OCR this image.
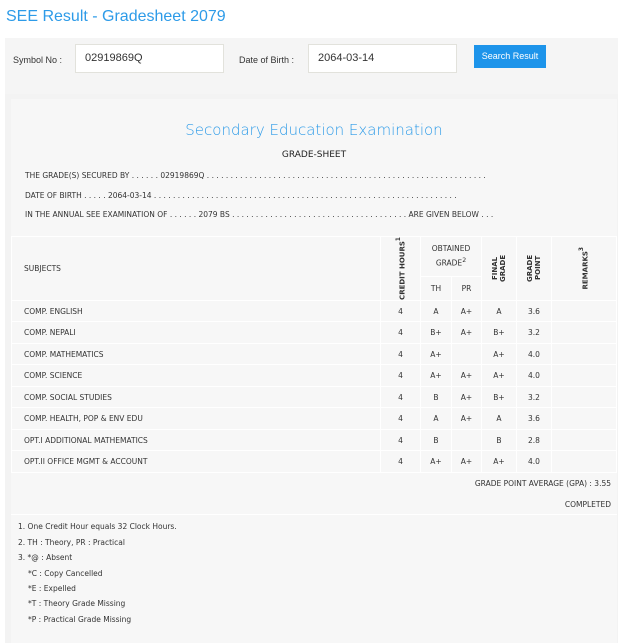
SEE Result - Gradesheet 2079
Symbol No :	02919869Q	Date of Birth :	2064-03-14	Search Result
Secondary Education Examination
GRADE-SHEET
THE GRADE(S) SECURED BY . . . . . . 02919869Q . . . . . . . . . . . . . . . . . . . . . . . . . . . . . . . . . . . . . . . . . . . . . . . . . . . . . . . . . . .
DATE OF BIRTH . . . . . 2064-03-14 . . . . . . . . . . . . . . . . . . . . . . . . . . . . . . . . . . . . . . . . . . . . . . . . . . . . . . . . . . . . . . . .
IN THE ANNUAL SEE EXAMINATION OF . . . . . . 2079 BS . . . . . . . . . . . . . . . . . . . . . . . . . . . . . . . . . . . . . ARE GIVEN BELOW . . .
SUBJECTS	CREDIT HOURS$^1$	OBTAINED GRADE$^2$		FINAL GRADE	GRADE POINT	REMARKS$^3$

		TH	PR			
COMP. ENGLISH	4	A	A+	A	3.6	
COMP. NEPALI	4	B+	A+	B+	3.2	
COMP. MATHEMATICS	4	A+		A+	4.0	
COMP. SCIENCE	4	A+	A+	A+	4.0	
COMP. SOCIAL STUDIES	4	B	A+	B+	3.2	
COMP. HEALTH, POP & ENV EDU	4	A	A+	A	3.6	
OPT.I ADDITIONAL MATHEMATICS	4	B		B	2.8	
OPT.II OFFICE MGMT & ACCOUNT	4	A+	A+	A+	4.0	
GRADE POINT AVERAGE (GPA) : 3.55
COMPLETED
1. One Credit Hour equals 32 Clock Hours.
2. TH : Theory, PR : Practical
3. *@ : Absent
*C : Copy Cancelled
*E : Expelled
*T : Theory Grade Missing
*P : Practical Grade Missing
